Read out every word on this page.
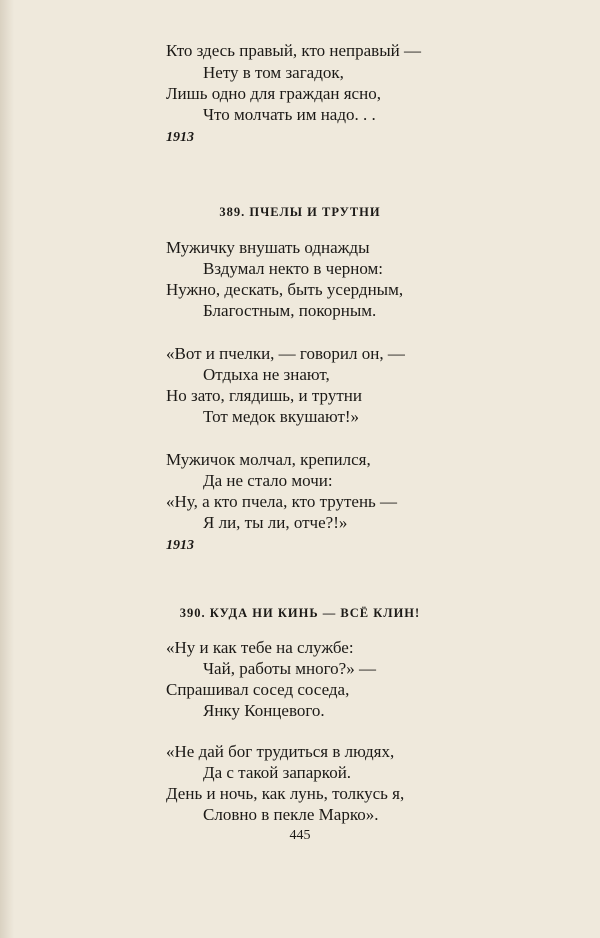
Кто здесь правый, кто неправый —
Нету в том загадок,
Лишь одно для граждан ясно,
Что молчать им надо. . .
1913
389. ПЧЕЛЫ И ТРУТНИ
Мужичку внушать однажды
Вздумал некто в черном:
Нужно, дескать, быть усердным,
Благостным, покорным.
«Вот и пчелки, — говорил он, —
Отдыха не знают,
Но зато, глядишь, и трутни
Тот медок вкушают!»
Мужичок молчал, крепился,
Да не стало мочи:
«Ну, а кто пчела, кто трутень —
Я ли, ты ли, отче?!»
1913
390. КУДА НИ КИНЬ — ВСЁ КЛИН!
«Ну и как тебе на службе:
Чай, работы много?» —
Спрашивал сосед соседа,
Янку Концевого.
«Не дай бог трудиться в людях,
Да с такой запаркой.
День и ночь, как лунь, толкусь я,
Словно в пекле Марко».
445
